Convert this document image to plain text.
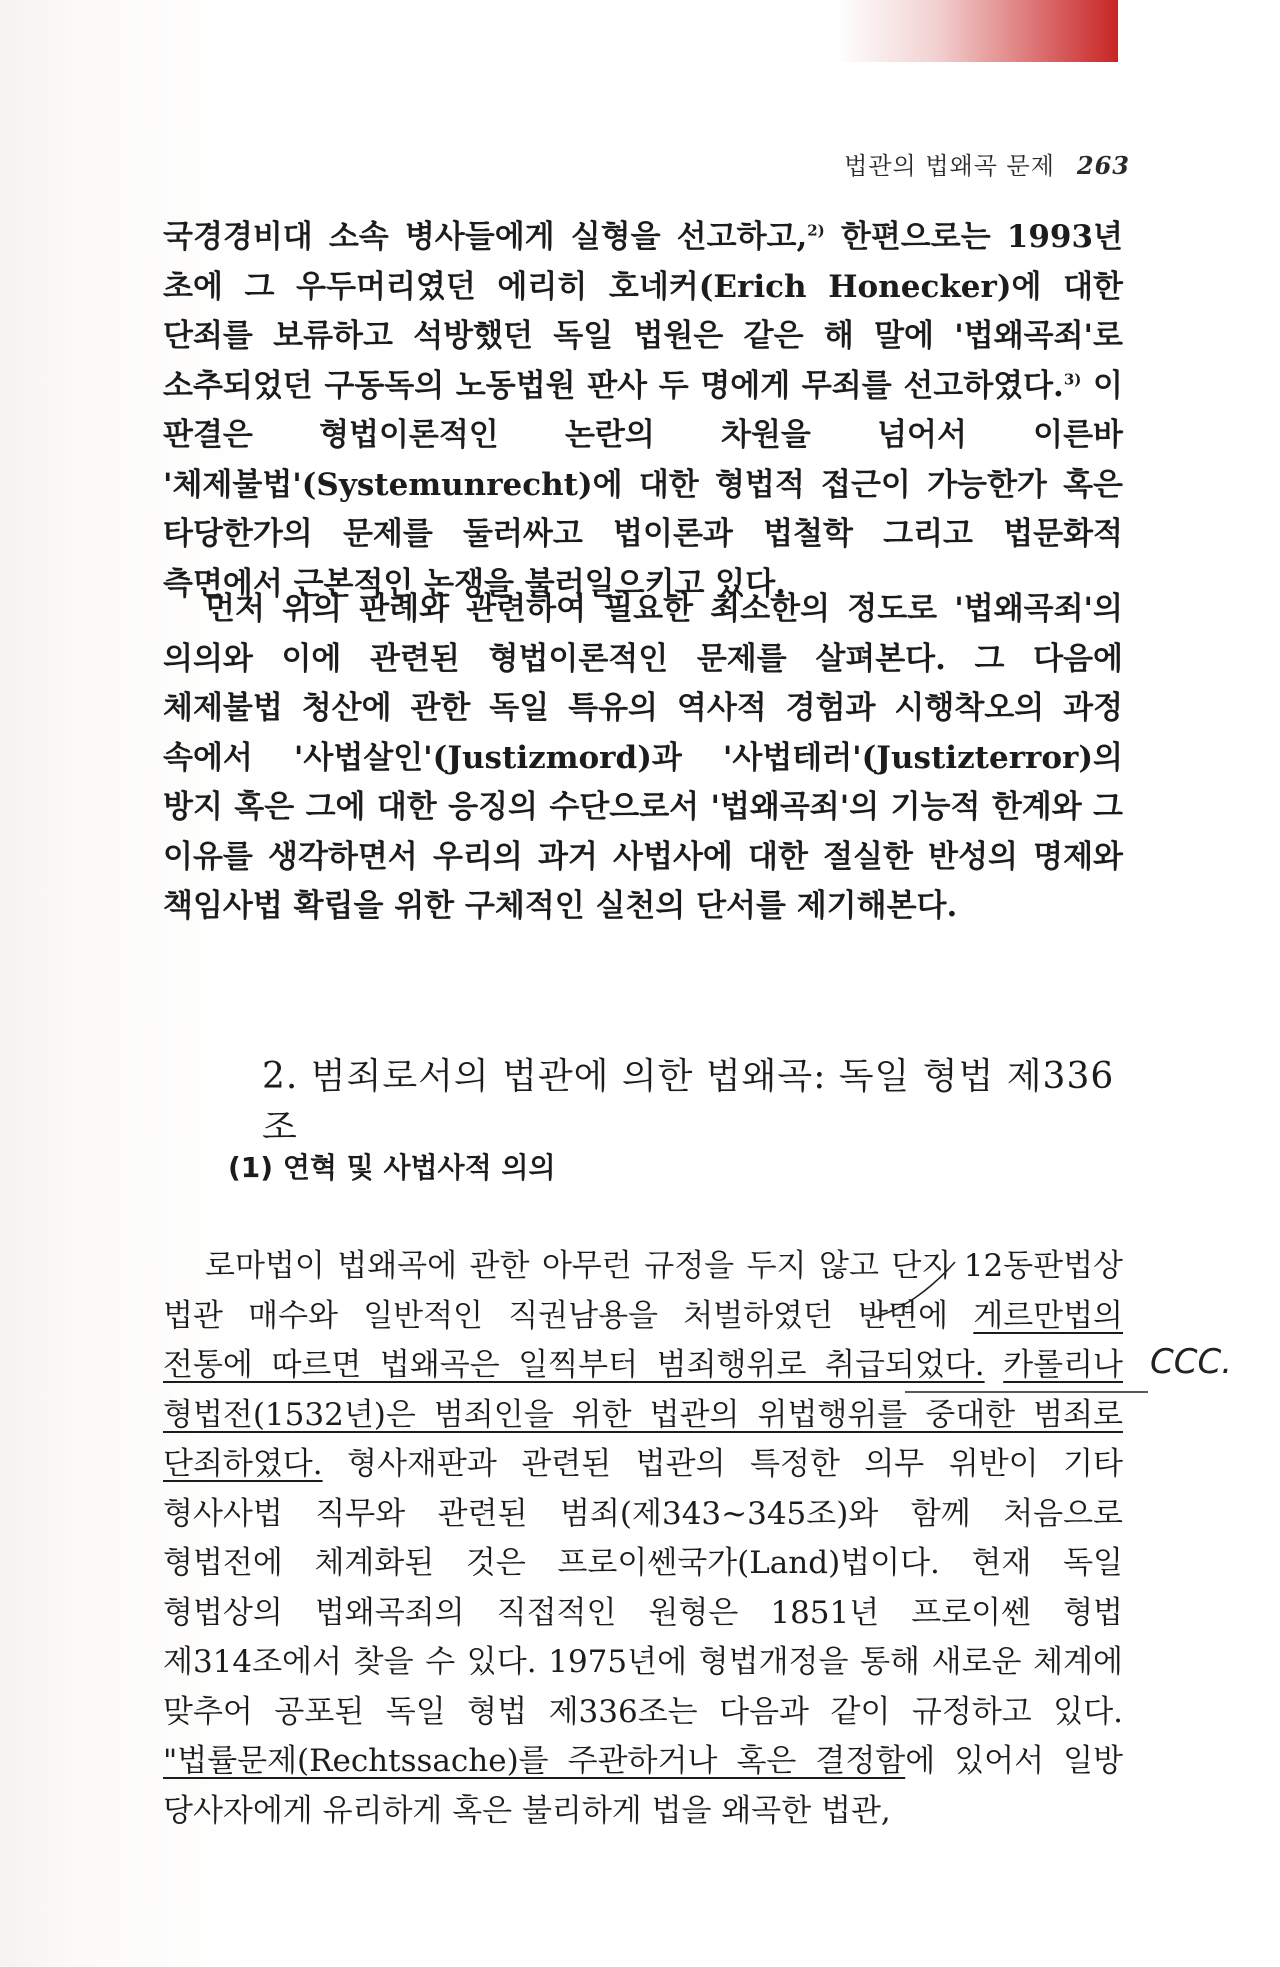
법관의 법왜곡 문제 263

국경경비대 소속 병사들에게 실형을 선고하고,$^{2)}$ 한편으로는 1993년 초에 그 우두머리였던 에리히 호네커(Erich Honecker)에 대한 단죄를 보류하고 석방했던 독일 법원은 같은 해 말에 '법왜곡죄'로 소추되었던 구동독의 노동법원 판사 두 명에게 무죄를 선고하였다.$^{3)}$ 이 판결은 형법이론적인 논란의 차원을 넘어서 이른바 '체제불법'(Systemunrecht)에 대한 형법적 접근이 가능한가 혹은 타당한가의 문제를 둘러싸고 법이론과 법철학 그리고 법문화적 측면에서 근본적인 논쟁을 불러일으키고 있다.

먼저 위의 판례와 관련하여 필요한 최소한의 정도로 '법왜곡죄'의 의의와 이에 관련된 형법이론적인 문제를 살펴본다. 그 다음에 체제불법 청산에 관한 독일 특유의 역사적 경험과 시행착오의 과정 속에서 '사법살인'(Justizmord)과 '사법테러'(Justizterror)의 방지 혹은 그에 대한 응징의 수단으로서 '법왜곡죄'의 기능적 한계와 그 이유를 생각하면서 우리의 과거 사법사에 대한 절실한 반성의 명제와 책임사법 확립을 위한 구체적인 실천의 단서를 제기해본다.

2. 범죄로서의 법관에 의한 법왜곡: 독일 형법 제336조
(1) 연혁 및 사법사적 의의

로마법이 법왜곡에 관한 아무런 규정을 두지 않고 단지 12동판법상 법관 매수와 일반적인 직권남용을 처벌하였던 반면에 게르만법의 전통에 따르면 법왜곡은 일찍부터 범죄행위로 취급되었다. 카롤리나 형법전(1532년)은 범죄인을 위한 법관의 위법행위를 중대한 범죄로 단죄하였다. 형사재판과 관련된 법관의 특정한 의무 위반이 기타 형사사법 직무와 관련된 범죄(제343~345조)와 함께 처음으로 형법전에 체계화된 것은 프로이쎈국가(Land)법이다. 현재 독일 형법상의 법왜곡죄의 직접적인 원형은 1851년 프로이쎈 형법 제314조에서 찾을 수 있다. 1975년에 형법개정을 통해 새로운 체계에 맞추어 공포된 독일 형법 제336조는 다음과 같이 규정하고 있다. "법률문제(Rechtssache)를 주관하거나 혹은 결정함에 있어서 일방 당사자에게 유리하게 혹은 불리하게 법을 왜곡한 법관,

CCC.
